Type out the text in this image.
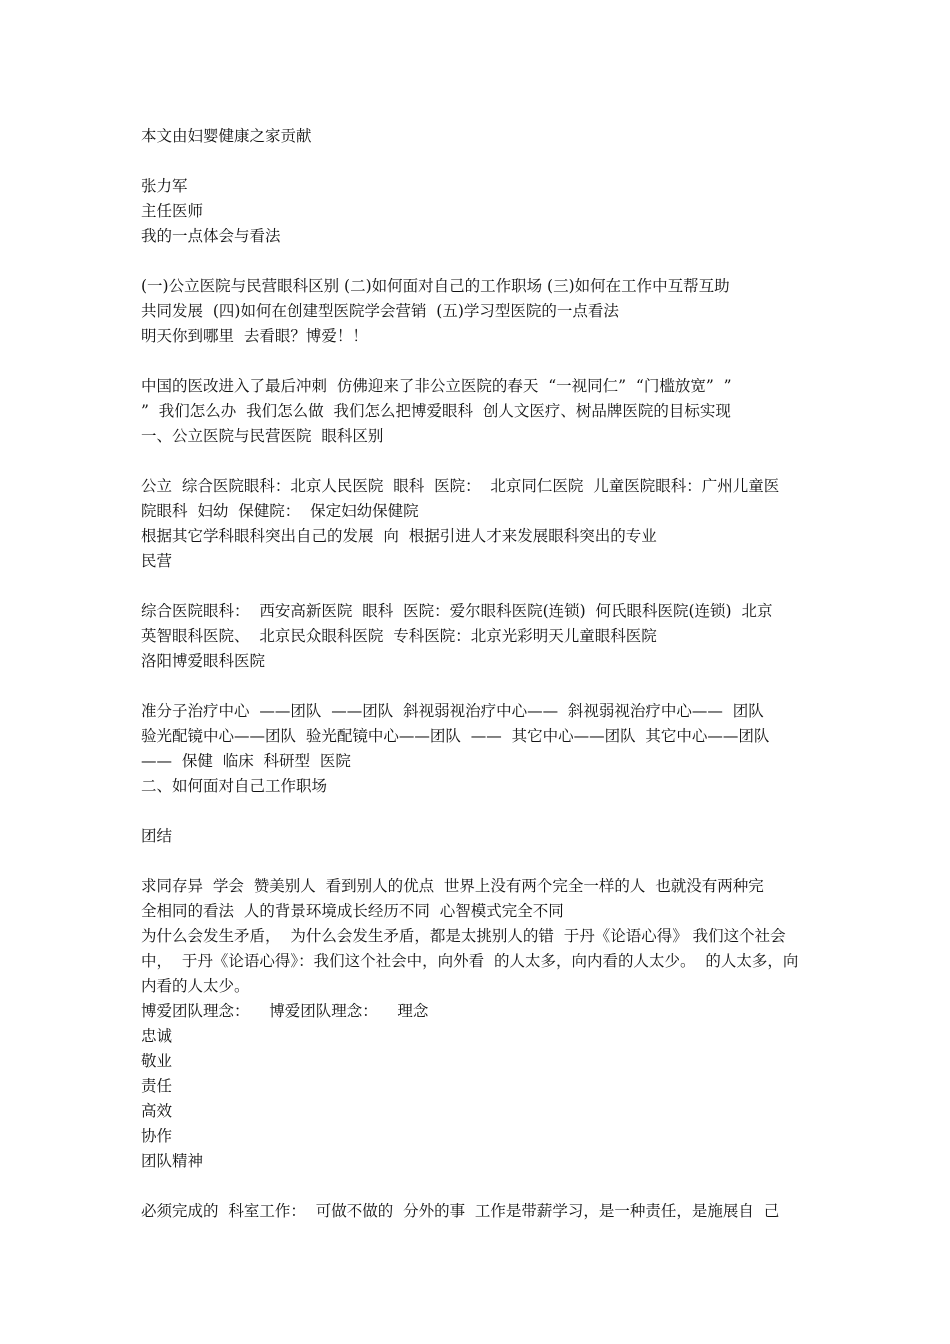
本文由妇婴健康之家贡献
张力军
主任医师
我的一点体会与看法
(一)公立医院与民营眼科区别 (二)如何面对自己的工作职场 (三)如何在工作中互帮互助
共同发展  (四)如何在创建型医院学会营销  (五)学习型医院的一点看法
明天你到哪里  去看眼？博爱！！
中国的医改进入了最后冲刺  仿佛迎来了非公立医院的春天  “一视同仁”  “门槛放宽”  ”
”  我们怎么办  我们怎么做  我们怎么把博爱眼科  创人文医疗、树品牌医院的目标实现
一、公立医院与民营医院  眼科区别
公立  综合医院眼科：北京人民医院  眼科  医院：  北京同仁医院  儿童医院眼科：广州儿童医
院眼科  妇幼  保健院：  保定妇幼保健院
根据其它学科眼科突出自己的发展  向  根据引进人才来发展眼科突出的专业
民营
综合医院眼科：  西安高新医院  眼科  医院：爱尔眼科医院(连锁)  何氏眼科医院(连锁)  北京
英智眼科医院、  北京民众眼科医院  专科医院：北京光彩明天儿童眼科医院
洛阳博爱眼科医院
准分子治疗中心  ——团队  ——团队  斜视弱视治疗中心——  斜视弱视治疗中心——  团队
验光配镜中心——团队  验光配镜中心——团队  ——  其它中心——团队  其它中心——团队
——  保健  临床  科研型  医院
二、如何面对自己工作职场
团结
求同存异  学会  赞美别人  看到别人的优点  世界上没有两个完全一样的人  也就没有两种完
全相同的看法  人的背景环境成长经历不同  心智模式完全不同
为什么会发生矛盾，  为什么会发生矛盾，都是太挑别人的错  于丹《论语心得》 我们这个社会
中，  于丹《论语心得》：我们这个社会中，向外看  的人太多，向内看的人太少。  的人太多，向
内看的人太少。
博爱团队理念：    博爱团队理念：    理念
忠诚
敬业
责任
高效
协作
团队精神
必须完成的  科室工作：  可做不做的  分外的事  工作是带薪学习，是一种责任，是施展自  己
